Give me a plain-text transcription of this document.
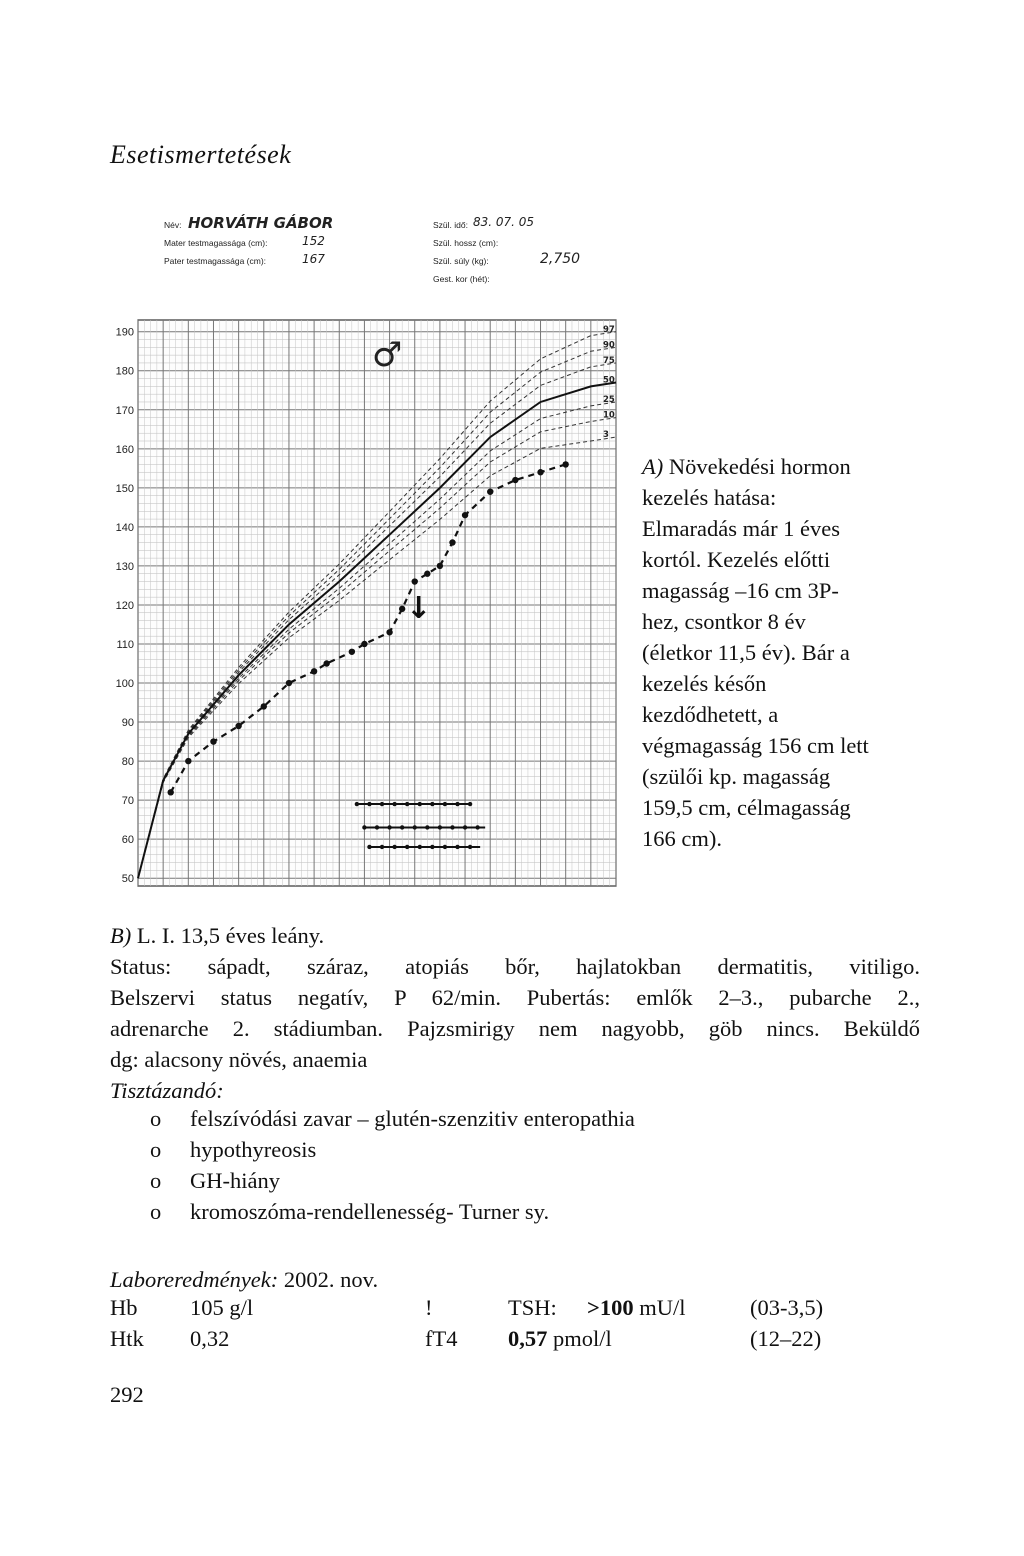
Esetismertetések
Név: HORVÁTH GÁBOR
Mater testmagassága (cm):	152
Pater testmagassága (cm):	167
Szül. idő: 83. 07. 05
Szül. hossz (cm):
Szül. súly (kg):	2,750
Gest. kor (hét):
190
180
170
160
150
140
130
120
110
100
90
80
70
60
50
97
90
75
50
25
10
3
♂
↓
A) Növekedési hormon
kezelés hatása:
Elmaradás már 1 éves
kortól. Kezelés előtti
magasság –16 cm 3P-
hez, csontkor 8 év
(életkor 11,5 év). Bár a
kezelés későn
kezdődhetett, a
végmagasság 156 cm lett
(szülői kp. magasság
159,5 cm, célmagasság
166 cm).
B) L. I. 13,5 éves leány.
Status: sápadt, száraz, atopiás bőr, hajlatokban dermatitis, vitiligo.
Belszervi status negatív, P 62/min. Pubertás: emlők 2–3., pubarche 2.,
adrenarche 2. stádiumban. Pajzsmirigy nem nagyobb, göb nincs. Beküldő
dg: alacsony növés, anaemia
Tisztázandó:
o felszívódási zavar – glutén-szenzitiv enteropathia
o hypothyreosis
o GH-hiány
o kromoszóma-rendellenesség- Turner sy.
Laboreredmények: 2002. nov.
Hb 105 g/l	!	TSH: >100 mU/l	(03-3,5)
Htk 0,32	fT4 0,57 pmol/l	(12–22)
292
